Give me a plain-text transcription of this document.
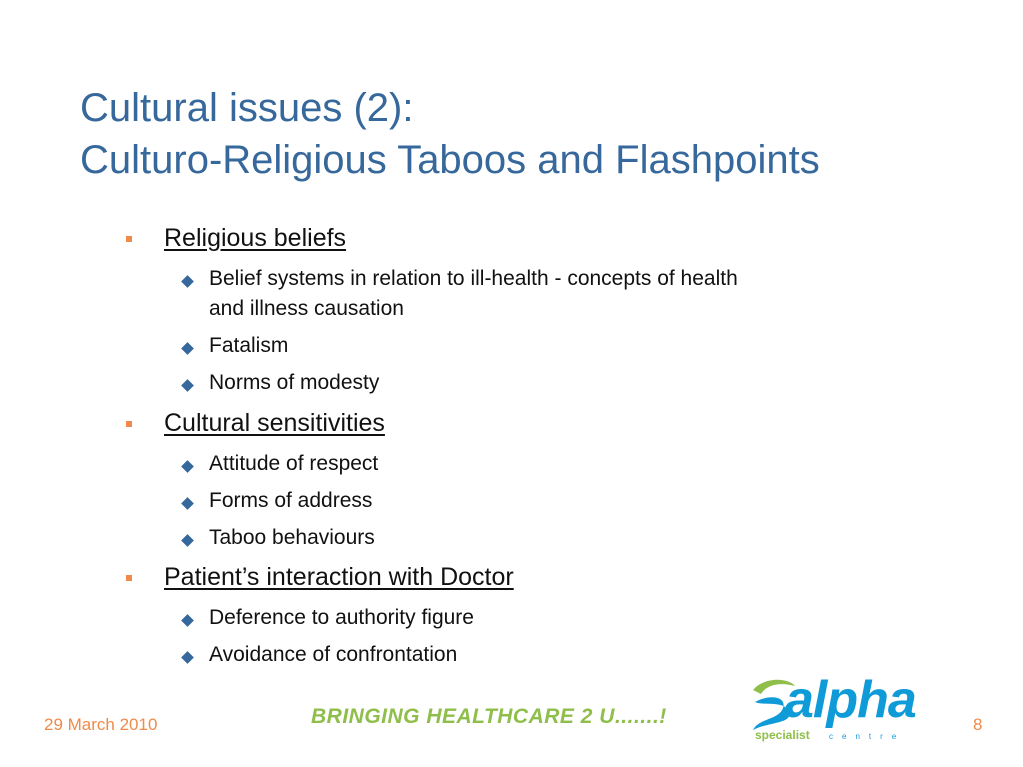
Cultural issues (2):
Culturo-Religious Taboos and Flashpoints
Religious beliefs
Belief systems in relation to ill-health - concepts of health
and illness causation
Fatalism
Norms of modesty
Cultural sensitivities
Attitude of respect
Forms of address
Taboo behaviours
Patient’s interaction with Doctor
Deference to authority figure
Avoidance of confrontation
29 March 2010	BRINGING HEALTHCARE 2 U.......!	8
alpha
specialist centre
